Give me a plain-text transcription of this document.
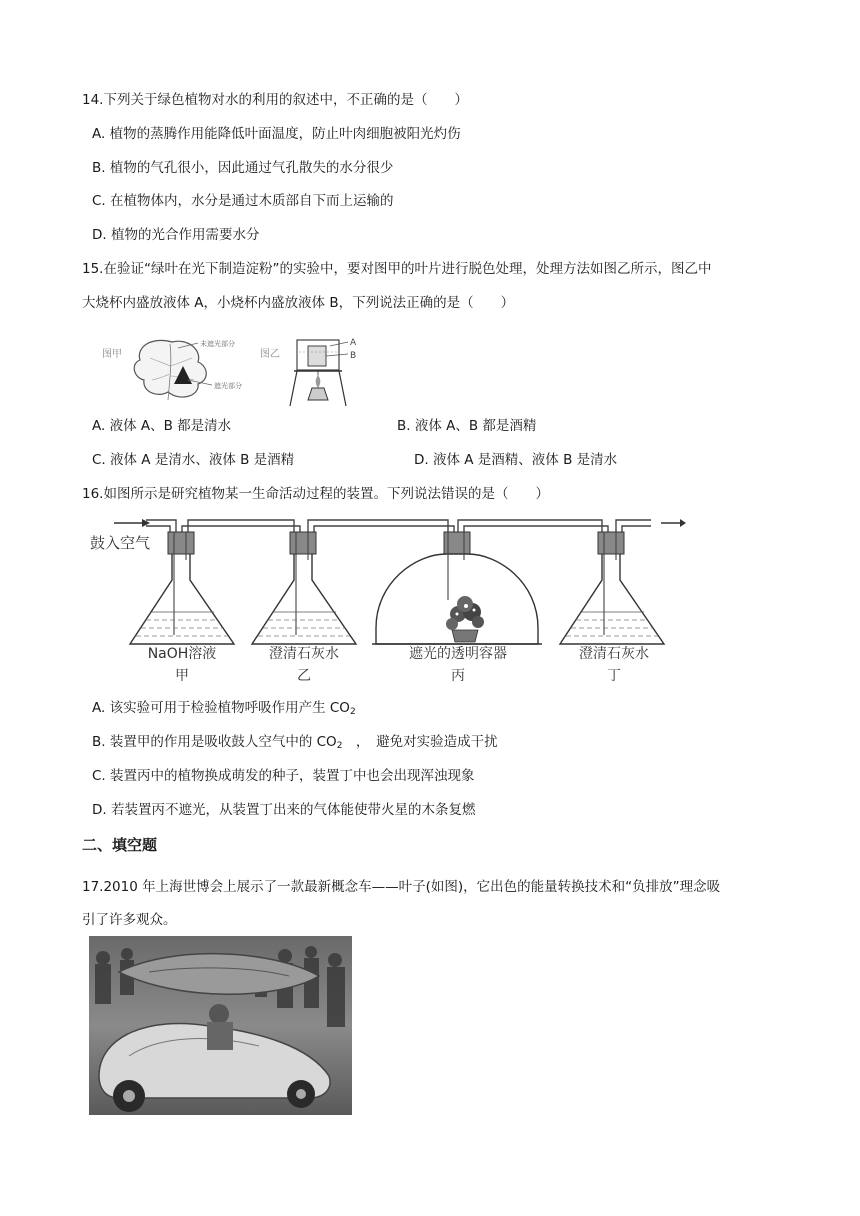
14.下列关于绿色植物对水的利用的叙述中，不正确的是（　　）
A. 植物的蒸腾作用能降低叶面温度，防止叶肉细胞被阳光灼伤
B. 植物的气孔很小，因此通过气孔散失的水分很少
C. 在植物体内，水分是通过木质部自下而上运输的
D. 植物的光合作用需要水分
15.在验证“绿叶在光下制造淀粉”的实验中，要对图甲的叶片进行脱色处理，处理方法如图乙所示，图乙中
大烧杯内盛放液体 A，小烧杯内盛放液体 B，下列说法正确的是（　　）
图甲
未遮光部分
遮光部分
图乙
A
B
A. 液体 A、B 都是清水	B. 液体 A、B 都是酒精
C. 液体 A 是清水、液体 B 是酒精	D. 液体 A 是酒精、液体 B 是清水
16.如图所示是研究植物某一生命活动过程的装置。下列说法错误的是（　　）
鼓入空气
NaOH溶液
甲
澄清石灰水
乙
遮光的透明容器
丙
澄清石灰水
丁
A. 该实验可用于检验植物呼吸作用产生 $CO_2$
B. 装置甲的作用是吸收鼓人空气中的 $CO_2$　，　避免对实验造成干扰
C. 装置丙中的植物换成萌发的种子，装置丁中也会出现浑浊现象
D. 若装置丙不遮光，从装置丁出来的气体能使带火星的木条复燃
二、填空题
17.2010 年上海世博会上展示了一款最新概念车——叶子(如图)，它出色的能量转换技术和“负排放”理念吸
引了许多观众。
